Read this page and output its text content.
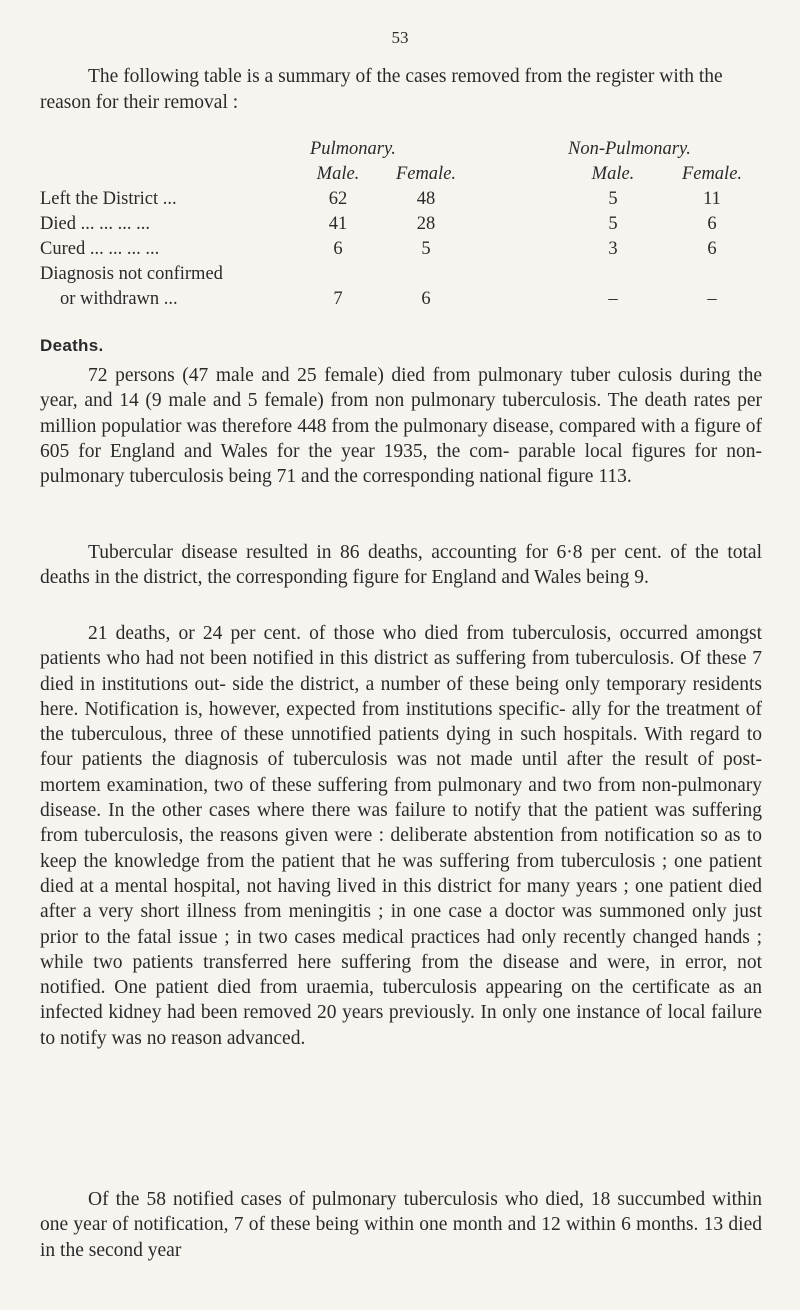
53

The following table is a summary of the cases removed from the register with the reason for their removal :

	Pulmonary.			Non-Pulmonary.	
	Male.	Female.		Male.	Female.
Left the District ...	62	48		5	11
Died ... ... ... ...	41	28		5	6
Cured ... ... ... ...	6	5		3	6
Diagnosis not confirmed					
or withdrawn ...	7	6		–	–
Deaths.

72 persons (47 male and 25 female) died from pulmonary tuber culosis during the year, and 14 (9 male and 5 female) from non pulmonary tuberculosis. The death rates per million populatior was therefore 448 from the pulmonary disease, compared with a figure of 605 for England and Wales for the year 1935, the com- parable local figures for non-pulmonary tuberculosis being 71 and the corresponding national figure 113.

Tubercular disease resulted in 86 deaths, accounting for 6·8 per cent. of the total deaths in the district, the corresponding figure for England and Wales being 9.

21 deaths, or 24 per cent. of those who died from tuberculosis, occurred amongst patients who had not been notified in this district as suffering from tuberculosis. Of these 7 died in institutions out- side the district, a number of these being only temporary residents here. Notification is, however, expected from institutions specific- ally for the treatment of the tuberculous, three of these unnotified patients dying in such hospitals. With regard to four patients the diagnosis of tuberculosis was not made until after the result of post- mortem examination, two of these suffering from pulmonary and two from non-pulmonary disease. In the other cases where there was failure to notify that the patient was suffering from tuberculosis, the reasons given were : deliberate abstention from notification so as to keep the knowledge from the patient that he was suffering from tuberculosis ; one patient died at a mental hospital, not having lived in this district for many years ; one patient died after a very short illness from meningitis ; in one case a doctor was summoned only just prior to the fatal issue ; in two cases medical practices had only recently changed hands ; while two patients transferred here suffering from the disease and were, in error, not notified. One patient died from uraemia, tuberculosis appearing on the certificate as an infected kidney had been removed 20 years previously. In only one instance of local failure to notify was no reason advanced.

Of the 58 notified cases of pulmonary tuberculosis who died, 18 succumbed within one year of notification, 7 of these being within one month and 12 within 6 months. 13 died in the second year
